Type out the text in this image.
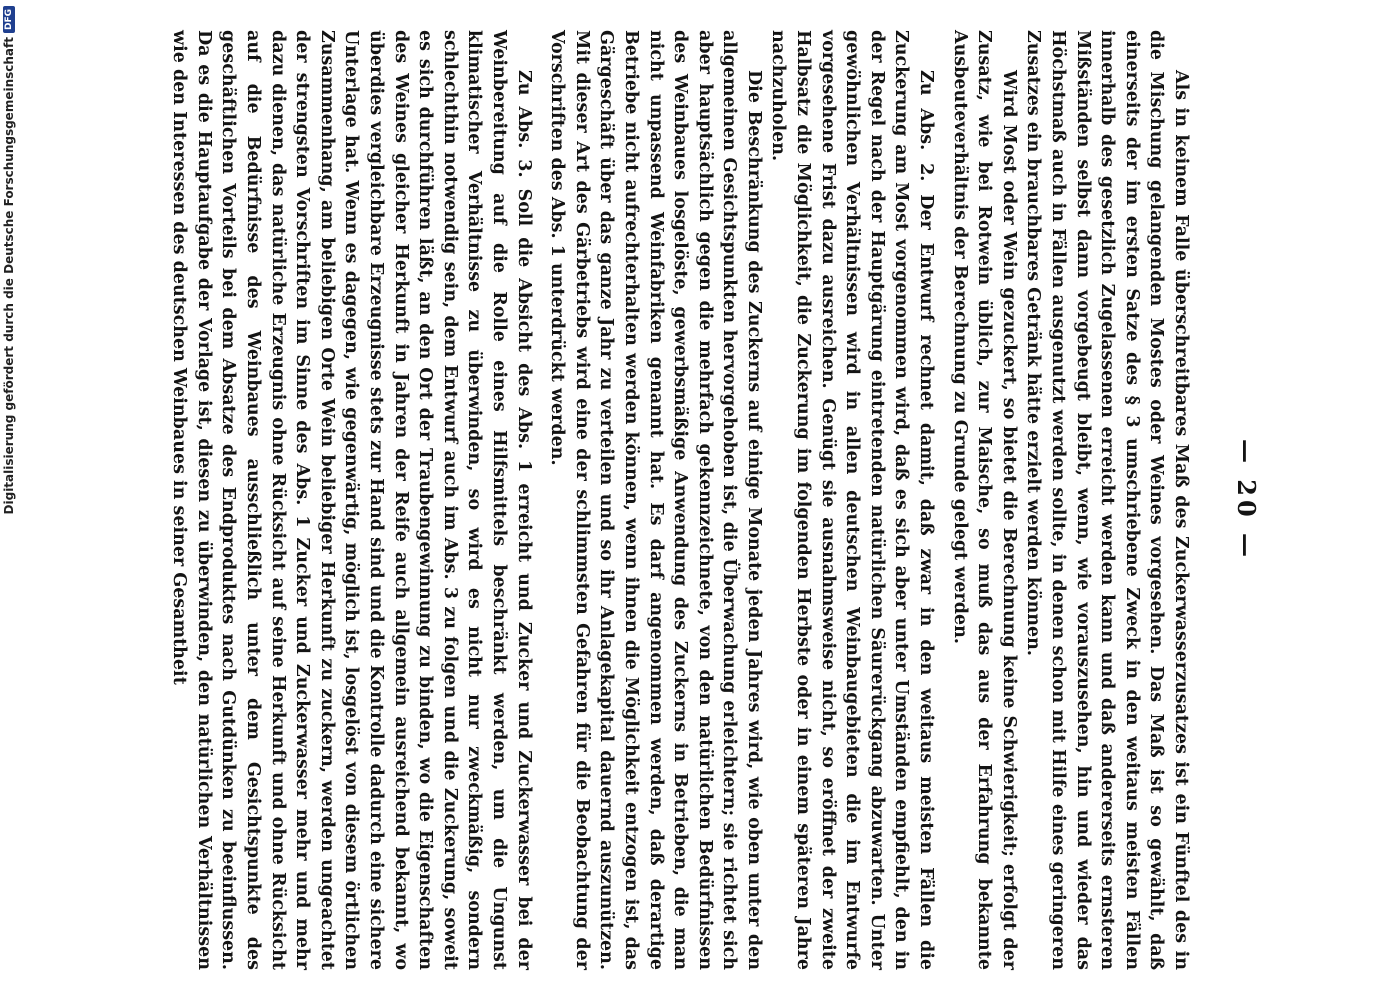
— 20 —

Als in keinem Falle überschreitbares Maß des Zuckerwasserzusatzes ist ein Fünftel des in die Mischung gelangenden Mostes oder Weines vorgesehen. Das Maß ist so gewählt, daß einerseits der im ersten Satze des § 3 umschriebene Zweck in den weitaus meisten Fällen innerhalb des gesetzlich Zugelassenen erreicht werden kann und daß andererseits ernsteren Mißständen selbst dann vorgebeugt bleibt, wenn, wie vorauszusehen, hin und wieder das Höchstmaß auch in Fällen ausgenutzt werden sollte, in denen schon mit Hilfe eines geringeren Zusatzes ein brauchbares Getränk hätte erzielt werden können.

Wird Most oder Wein gezuckert, so bietet die Berechnung keine Schwierigkeit; erfolgt der Zusatz, wie bei Rotwein üblich, zur Maische, so muß das aus der Erfahrung bekannte Ausbeuteverhältnis der Berechnung zu Grunde gelegt werden.

Zu Abs. 2. Der Entwurf rechnet damit, daß zwar in den weitaus meisten Fällen die Zuckerung am Most vorgenommen wird, daß es sich aber unter Umständen empfiehlt, den in der Regel nach der Hauptgärung eintretenden natürlichen Säurerückgang abzuwarten. Unter gewöhnlichen Verhältnissen wird in allen deutschen Weinbaugebieten die im Entwurfe vorgesehene Frist dazu ausreichen. Genügt sie ausnahmsweise nicht, so eröffnet der zweite Halbsatz die Möglichkeit, die Zuckerung im folgenden Herbste oder in einem späteren Jahre nachzuholen.

Die Beschränkung des Zuckerns auf einige Monate jeden Jahres wird, wie oben unter den allgemeinen Gesichtspunkten hervorgehoben ist, die Überwachung erleichtern; sie richtet sich aber hauptsächlich gegen die mehrfach gekennzeichnete, von den natürlichen Bedürfnissen des Weinbaues losgelöste, gewerbsmäßige Anwendung des Zuckerns in Betrieben, die man nicht unpassend Weinfabriken genannt hat. Es darf angenommen werden, daß derartige Betriebe nicht aufrechterhalten werden können, wenn ihnen die Möglichkeit entzogen ist, das Gärgeschäft über das ganze Jahr zu verteilen und so ihr Anlagekapital dauernd auszunützen. Mit dieser Art des Gärbetriebs wird eine der schlimmsten Gefahren für die Beobachtung der Vorschriften des Abs. 1 unterdrückt werden.

Zu Abs. 3. Soll die Absicht des Abs. 1 erreicht und Zucker und Zuckerwasser bei der Weinbereitung auf die Rolle eines Hilfsmittels beschränkt werden, um die Ungunst klimatischer Verhältnisse zu überwinden, so wird es nicht nur zweckmäßig, sondern schlechthin notwendig sein, dem Entwurf auch im Abs. 3 zu folgen und die Zuckerung, soweit es sich durchführen läßt, an den Ort der Traubengewinnung zu binden, wo die Eigenschaften des Weines gleicher Herkunft in Jahren der Reife auch allgemein ausreichend bekannt, wo überdies vergleichbare Erzeugnisse stets zur Hand sind und die Kontrolle dadurch eine sichere Unterlage hat. Wenn es dagegen, wie gegenwärtig, möglich ist, losgelöst von diesem örtlichen Zusammenhang, am beliebigen Orte Wein beliebiger Herkunft zu zuckern, werden ungeachtet der strengsten Vorschriften im Sinne des Abs. 1 Zucker und Zuckerwasser mehr und mehr dazu dienen, das natürliche Erzeugnis ohne Rücksicht auf seine Herkunft und ohne Rücksicht auf die Bedürfnisse des Weinbaues ausschließlich unter dem Gesichtspunkte des geschäftlichen Vorteils bei dem Absatze des Endproduktes nach Gutdünken zu beeinflussen. Da es die Hauptaufgabe der Vorlage ist, diesen zu überwinden, den natürlichen Verhältnissen wie den Interessen des deutschen Weinbaues in seiner Gesamtheit

Digitalisierung gefördert durch die Deutsche Forschungsgemeinschaft
DFG
